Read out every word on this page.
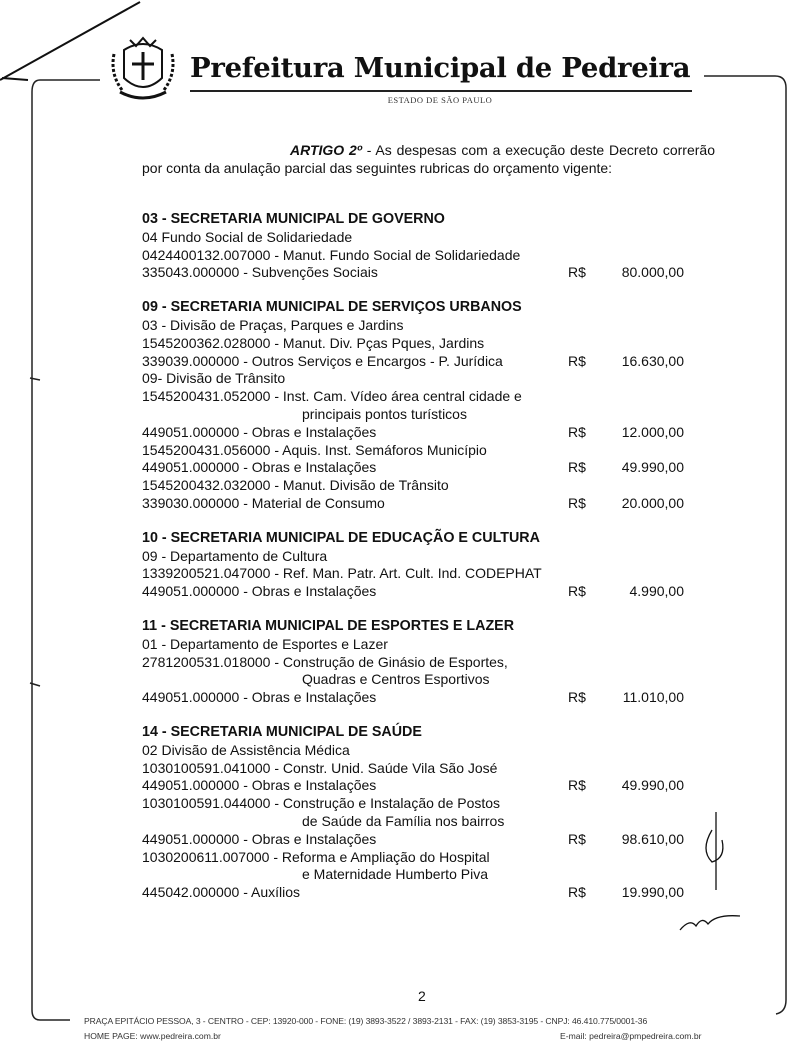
Prefeitura Municipal de Pedreira
ESTADO DE SÃO PAULO
ARTIGO 2º - As despesas com a execução deste Decreto correrão por conta da anulação parcial das seguintes rubricas do orçamento vigente:
03 - SECRETARIA MUNICIPAL DE GOVERNO
04 Fundo Social de Solidariedade
0424400132.007000 - Manut. Fundo Social de Solidariedade
335043.000000 - Subvenções Sociais	R$	80.000,00
09 - SECRETARIA MUNICIPAL DE SERVIÇOS URBANOS
03 - Divisão de Praças, Parques e Jardins
1545200362.028000 - Manut. Div. Pças Pques, Jardins
339039.000000 - Outros Serviços e Encargos - P. Jurídica	R$	16.630,00
09- Divisão de Trânsito
1545200431.052000 - Inst. Cam. Vídeo área central cidade e
principais pontos turísticos
449051.000000 - Obras e Instalações	R$	12.000,00
1545200431.056000 - Aquis. Inst. Semáforos Município
449051.000000 - Obras e Instalações	R$	49.990,00
1545200432.032000 - Manut. Divisão de Trânsito
339030.000000 - Material de Consumo	R$	20.000,00
10 - SECRETARIA MUNICIPAL DE EDUCAÇÃO E CULTURA
09 - Departamento de Cultura
1339200521.047000 - Ref. Man. Patr. Art. Cult. Ind. CODEPHAT
449051.000000 - Obras e Instalações	R$	4.990,00
11 - SECRETARIA MUNICIPAL DE ESPORTES E LAZER
01 - Departamento de Esportes e Lazer
2781200531.018000 - Construção de Ginásio de Esportes,
Quadras e Centros Esportivos
449051.000000 - Obras e Instalações	R$	11.010,00
14 - SECRETARIA MUNICIPAL DE SAÚDE
02 Divisão de Assistência Médica
1030100591.041000 - Constr. Unid. Saúde Vila São José
449051.000000 - Obras e Instalações	R$	49.990,00
1030100591.044000 - Construção e Instalação de Postos
de Saúde da Família nos bairros
449051.000000 - Obras e Instalações	R$	98.610,00
1030200611.007000 - Reforma e Ampliação do Hospital
e Maternidade Humberto Piva
445042.000000 - Auxílios	R$	19.990,00
2
PRAÇA EPITÁCIO PESSOA, 3 - CENTRO - CEP: 13920-000 - FONE: (19) 3893-3522 / 3893-2131 - FAX: (19) 3853-3195 - CNPJ: 46.410.775/0001-36
HOME PAGE: www.pedreira.com.br	E-mail: pedreira@pmpedreira.com.br
